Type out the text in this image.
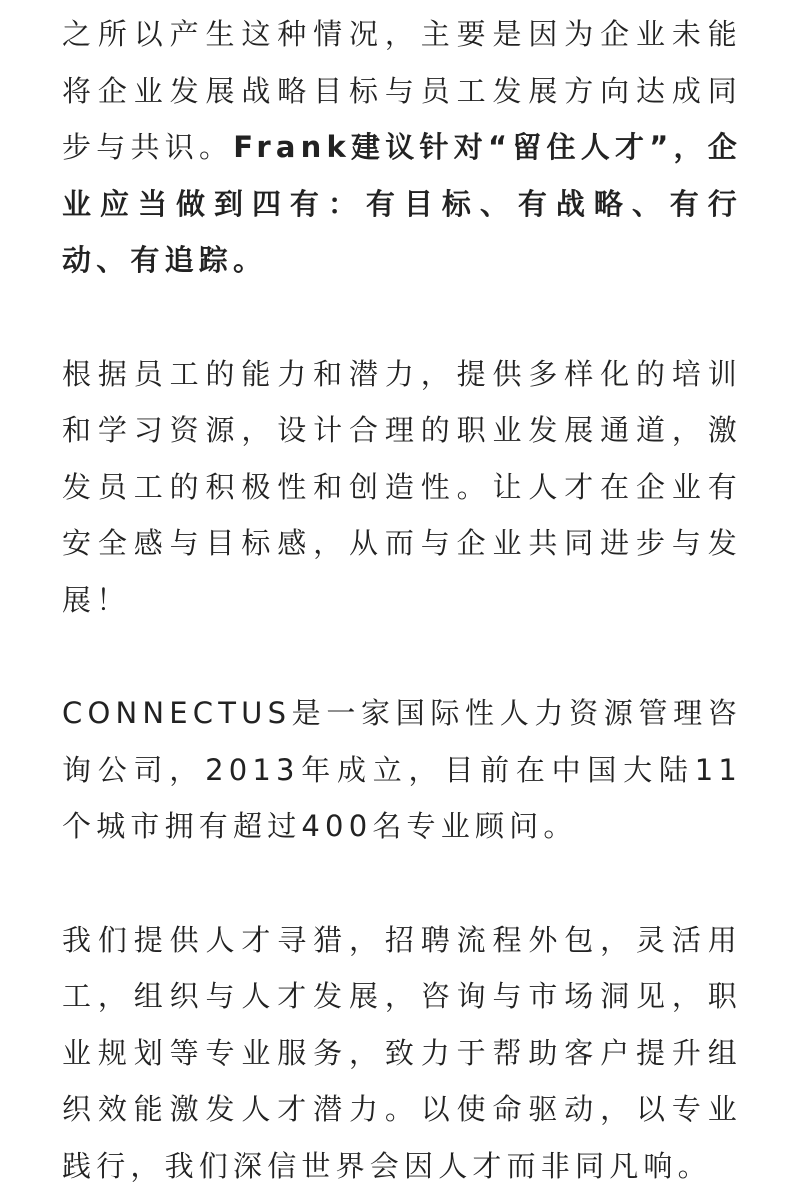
之所以产生这种情况，主要是因为企业未能将企业发展战略目标与员工发展方向达成同步与共识。Frank建议针对“留住人才”，企业应当做到四有：有目标、有战略、有行动、有追踪。

根据员工的能力和潜力，提供多样化的培训和学习资源，设计合理的职业发展通道，激发员工的积极性和创造性。让人才在企业有安全感与目标感，从而与企业共同进步与发展！

CONNECTUS是一家国际性人力资源管理咨询公司，2013年成立，目前在中国大陆11个城市拥有超过400名专业顾问。

我们提供人才寻猎，招聘流程外包，灵活用工，组织与人才发展，咨询与市场洞见，职业规划等专业服务，致力于帮助客户提升组织效能激发人才潜力。以使命驱动，以专业践行，我们深信世界会因人才而非同凡响。
